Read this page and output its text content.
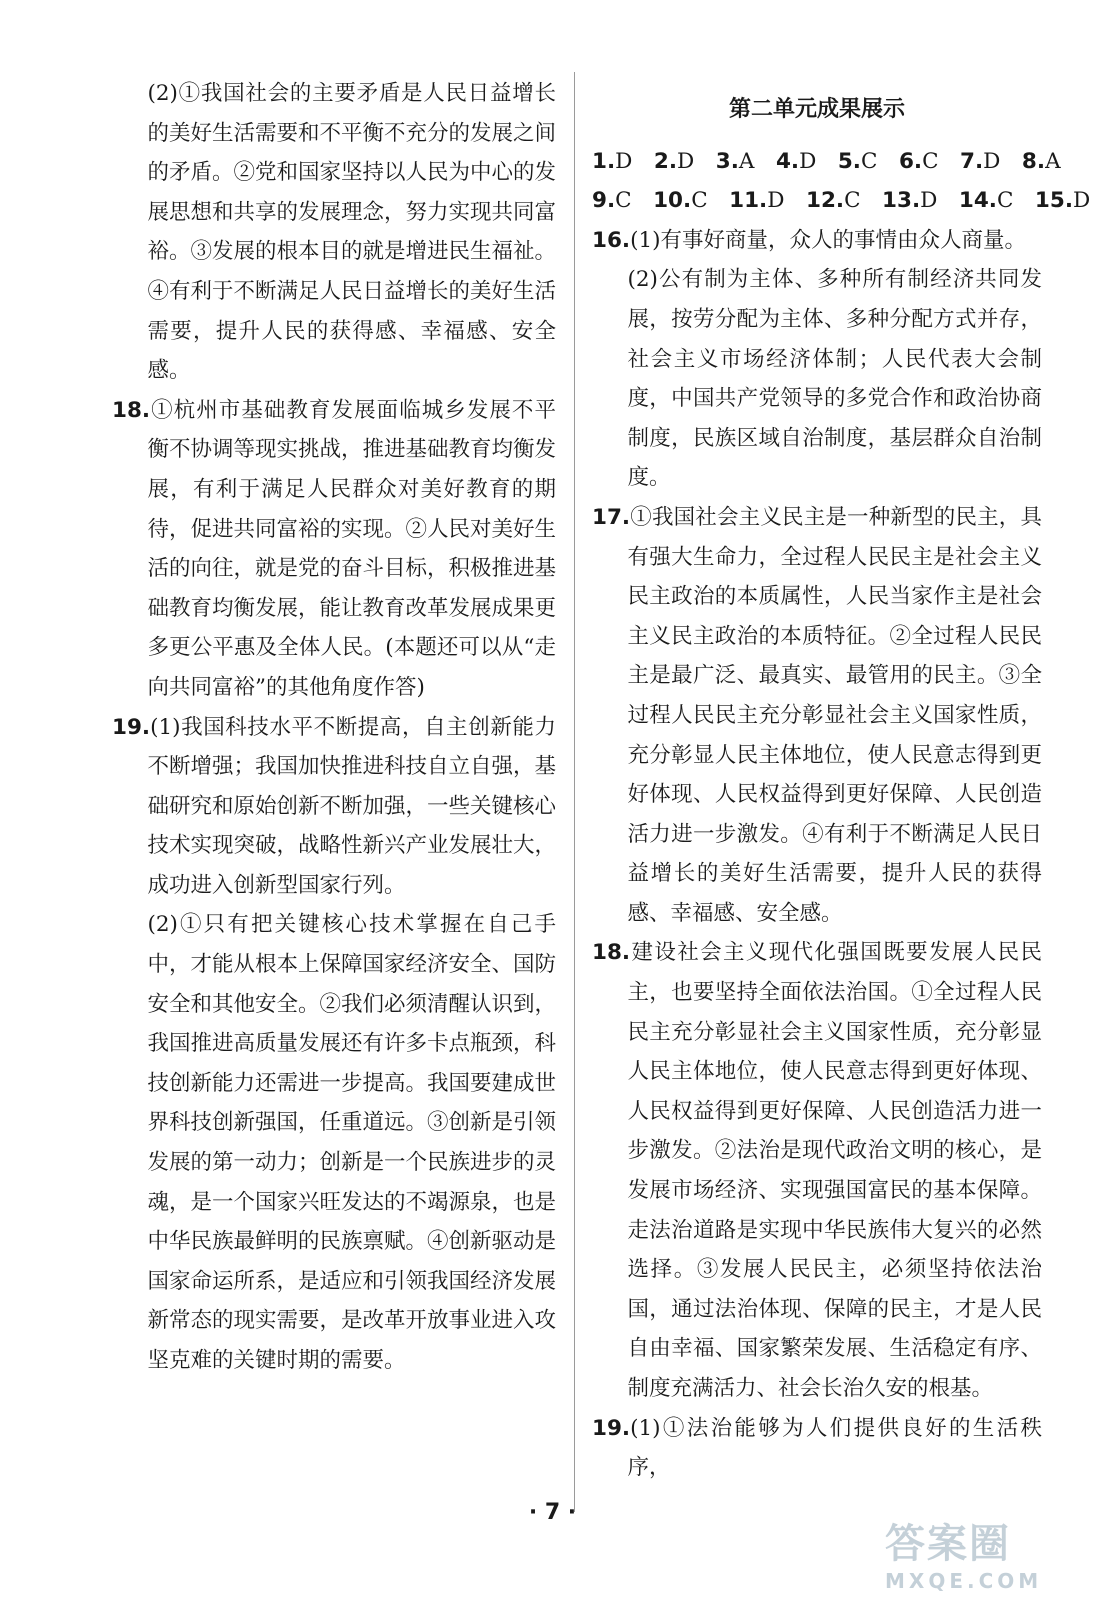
(2)①我国社会的主要矛盾是人民日益增长的美好生活需要和不平衡不充分的发展之间的矛盾。②党和国家坚持以人民为中心的发展思想和共享的发展理念，努力实现共同富裕。③发展的根本目的就是增进民生福祉。④有利于不断满足人民日益增长的美好生活需要，提升人民的获得感、幸福感、安全感。

18.①杭州市基础教育发展面临城乡发展不平衡不协调等现实挑战，推进基础教育均衡发展，有利于满足人民群众对美好教育的期待，促进共同富裕的实现。②人民对美好生活的向往，就是党的奋斗目标，积极推进基础教育均衡发展，能让教育改革发展成果更多更公平惠及全体人民。(本题还可以从“走向共同富裕”的其他角度作答)

19.(1)我国科技水平不断提高，自主创新能力不断增强；我国加快推进科技自立自强，基础研究和原始创新不断加强，一些关键核心技术实现突破，战略性新兴产业发展壮大，成功进入创新型国家行列。

(2)①只有把关键核心技术掌握在自己手中，才能从根本上保障国家经济安全、国防安全和其他安全。②我们必须清醒认识到，我国推进高质量发展还有许多卡点瓶颈，科技创新能力还需进一步提高。我国要建成世界科技创新强国，任重道远。③创新是引领发展的第一动力；创新是一个民族进步的灵魂，是一个国家兴旺发达的不竭源泉，也是中华民族最鲜明的民族禀赋。④创新驱动是国家命运所系，是适应和引领我国经济发展新常态的现实需要，是改革开放事业进入攻坚克难的关键时期的需要。

第二单元成果展示

1.D  2.D  3.A  4.D  5.C  6.C  7.D  8.A

9.C  10.C  11.D  12.C  13.D  14.C  15.D

16.(1)有事好商量，众人的事情由众人商量。

(2)公有制为主体、多种所有制经济共同发展，按劳分配为主体、多种分配方式并存，社会主义市场经济体制；人民代表大会制度，中国共产党领导的多党合作和政治协商制度，民族区域自治制度，基层群众自治制度。

17.①我国社会主义民主是一种新型的民主，具有强大生命力，全过程人民民主是社会主义民主政治的本质属性，人民当家作主是社会主义民主政治的本质特征。②全过程人民民主是最广泛、最真实、最管用的民主。③全过程人民民主充分彰显社会主义国家性质，充分彰显人民主体地位，使人民意志得到更好体现、人民权益得到更好保障、人民创造活力进一步激发。④有利于不断满足人民日益增长的美好生活需要，提升人民的获得感、幸福感、安全感。

18.建设社会主义现代化强国既要发展人民民主，也要坚持全面依法治国。①全过程人民民主充分彰显社会主义国家性质，充分彰显人民主体地位，使人民意志得到更好体现、人民权益得到更好保障、人民创造活力进一步激发。②法治是现代政治文明的核心，是发展市场经济、实现强国富民的基本保障。走法治道路是实现中华民族伟大复兴的必然选择。③发展人民民主，必须坚持依法治国，通过法治体现、保障的民主，才是人民自由幸福、国家繁荣发展、生活稳定有序、制度充满活力、社会长治久安的根基。

19.(1)①法治能够为人们提供良好的生活秩序，

· 7 ·
答案圈
MXQE.COM
